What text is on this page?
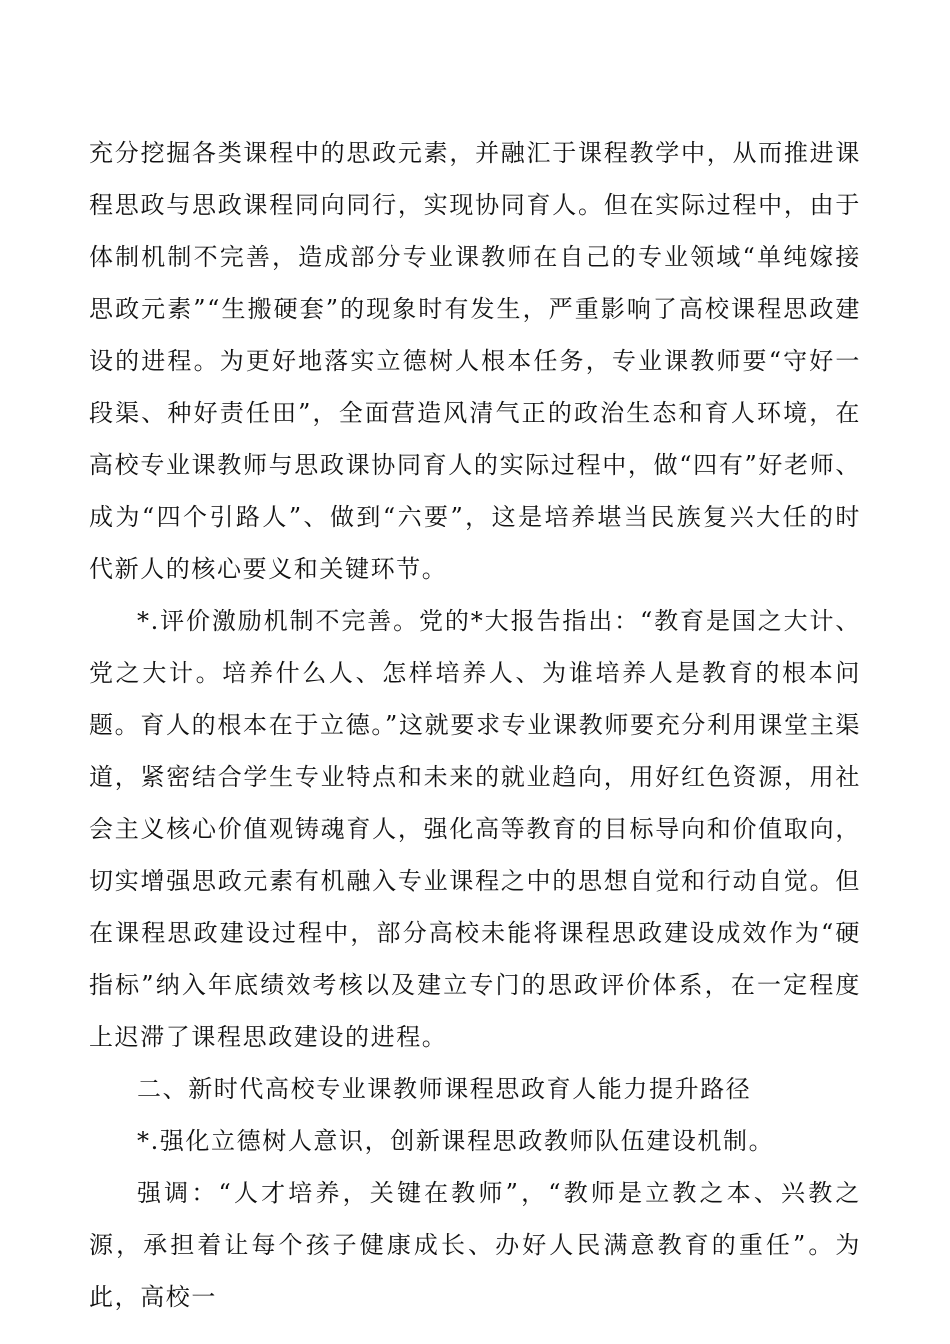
充分挖掘各类课程中的思政元素，并融汇于课程教学中，从而推进课程思政与思政课程同向同行，实现协同育人。但在实际过程中，由于体制机制不完善，造成部分专业课教师在自己的专业领域“单纯嫁接思政元素”“生搬硬套”的现象时有发生，严重影响了高校课程思政建设的进程。为更好地落实立德树人根本任务，专业课教师要“守好一段渠、种好责任田”，全面营造风清气正的政治生态和育人环境，在高校专业课教师与思政课协同育人的实际过程中，做“四有”好老师、成为“四个引路人”、做到“六要”，这是培养堪当民族复兴大任的时代新人的核心要义和关键环节。

*.评价激励机制不完善。党的*大报告指出：“教育是国之大计、党之大计。培养什么人、怎样培养人、为谁培养人是教育的根本问题。育人的根本在于立德。”这就要求专业课教师要充分利用课堂主渠道，紧密结合学生专业特点和未来的就业趋向，用好红色资源，用社会主义核心价值观铸魂育人，强化高等教育的目标导向和价值取向，切实增强思政元素有机融入专业课程之中的思想自觉和行动自觉。但在课程思政建设过程中，部分高校未能将课程思政建设成效作为“硬指标”纳入年底绩效考核以及建立专门的思政评价体系，在一定程度上迟滞了课程思政建设的进程。

二、新时代高校专业课教师课程思政育人能力提升路径

*.强化立德树人意识，创新课程思政教师队伍建设机制。

强调：“人才培养，关键在教师”，“教师是立教之本、兴教之源，承担着让每个孩子健康成长、办好人民满意教育的重任”。为此，高校一
